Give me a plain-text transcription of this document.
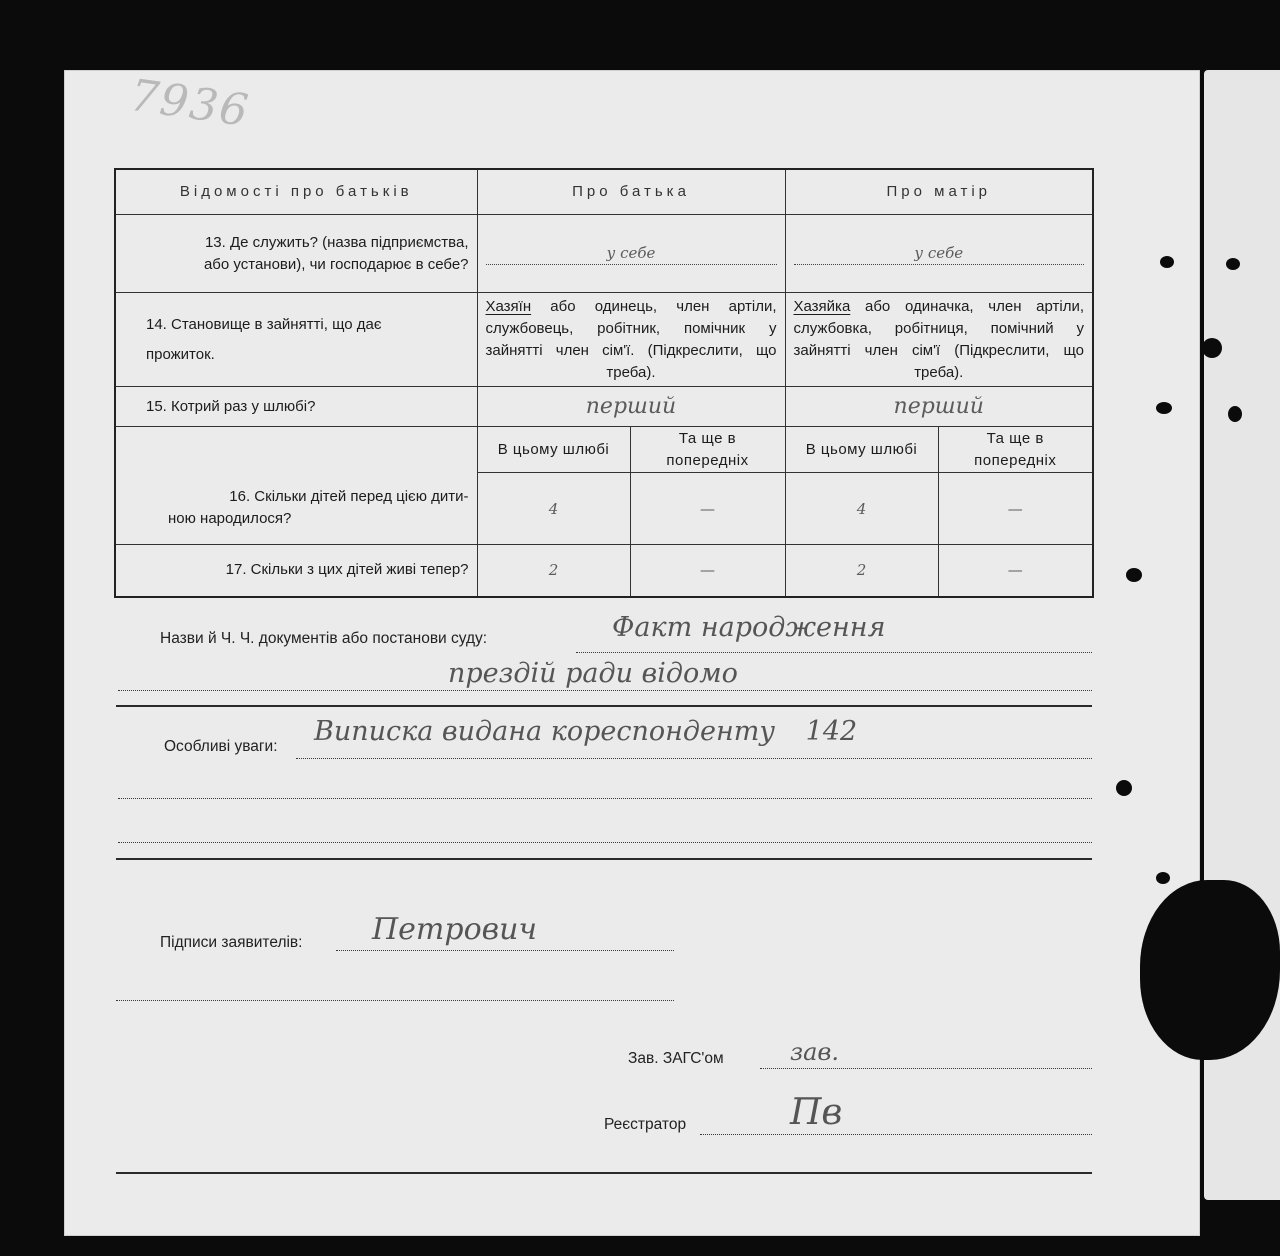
7936
Відомості про батьків	Про батька		Про матір	

13. Де служить? (назва підприємства,
або установи), чи господарює в себе?	у себе		у себе	

14. Становище в зайнятті, що дає
прожиток.	Хазяїн або одинець, член артіли, службовець, робітник, помічник у зайнятті член сім'ї. (Підкреслити, що треба).		Хазяйка або одиначка, член артіли, службовка, робітниця, помічний у зайнятті член сім'ї (Підкреслити, що треба).	
15. Котрий раз у шлюбі?	перший		перший	

16. Скільки дітей перед цією дити-
ною народилося?	В цьому шлюбі	Та ще в попередніх	В цьому шлюбі	Та ще в попередніх
	4	—	4	—
17. Скільки з цих дітей живі тепер?	2	—	2	—
Назви й Ч. Ч. документів або постанови суду:	Факт народження
прездій ради відомо
Особливі уваги: Виписка видана кореспонденту 142
Підписи заявителів: Петрович
Зав. ЗАГС'ом	зав.
Реєстратор	Пв
